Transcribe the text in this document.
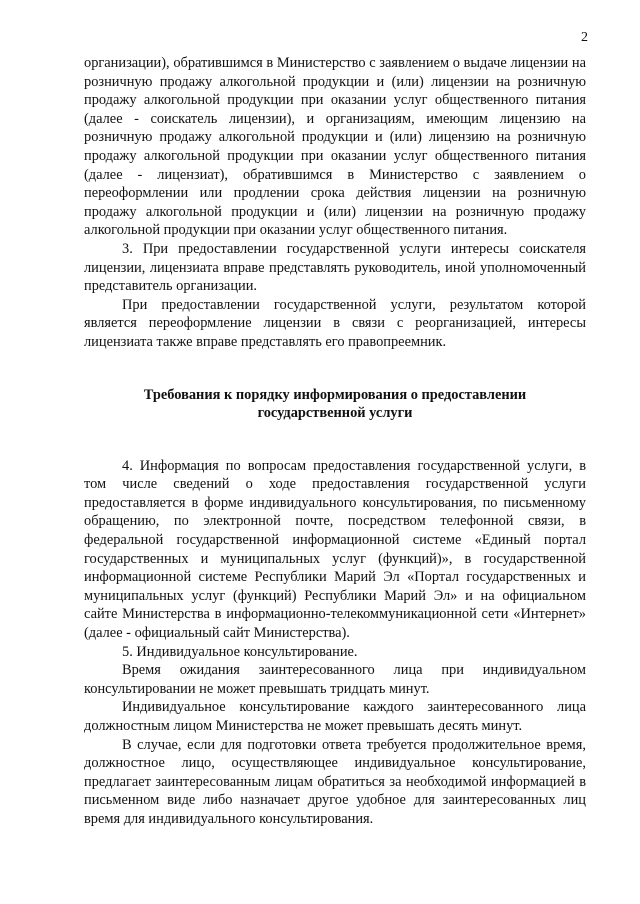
2

организации), обратившимся в Министерство с заявлением о выдаче лицензии на розничную продажу алкогольной продукции и (или) лицензии на розничную продажу алкогольной продукции при оказании услуг общественного питания (далее - соискатель лицензии), и организациям, имеющим лицензию на розничную продажу алкогольной продукции и (или) лицензию на розничную продажу алкогольной продукции при оказании услуг общественного питания (далее - лицензиат), обратившимся в Министерство с заявлением о переоформлении или продлении срока действия лицензии на розничную продажу алкогольной продукции и (или) лицензии на розничную продажу алкогольной продукции при оказании услуг общественного питания.

3. При предоставлении государственной услуги интересы соискателя лицензии, лицензиата вправе представлять руководитель, иной уполномоченный представитель организации.

При предоставлении государственной услуги, результатом которой является переоформление лицензии в связи с реорганизацией, интересы лицензиата также вправе представлять его правопреемник.

Требования к порядку информирования о предоставлении
государственной услуги

4. Информация по вопросам предоставления государственной услуги, в том числе сведений о ходе предоставления государственной услуги предоставляется в форме индивидуального консультирования, по письменному обращению, по электронной почте, посредством телефонной связи, в федеральной государственной информационной системе «Единый портал государственных и муниципальных услуг (функций)», в государственной информационной системе Республики Марий Эл «Портал государственных и муниципальных услуг (функций) Республики Марий Эл» и на официальном сайте Министерства в информационно-телекоммуникационной сети «Интернет» (далее - официальный сайт Министерства).

5. Индивидуальное консультирование.

Время ожидания заинтересованного лица при индивидуальном консультировании не может превышать тридцать минут.

Индивидуальное консультирование каждого заинтересованного лица должностным лицом Министерства не может превышать десять минут.

В случае, если для подготовки ответа требуется продолжительное время, должностное лицо, осуществляющее индивидуальное консультирование, предлагает заинтересованным лицам обратиться за необходимой информацией в письменном виде либо назначает другое удобное для заинтересованных лиц время для индивидуального консультирования.
